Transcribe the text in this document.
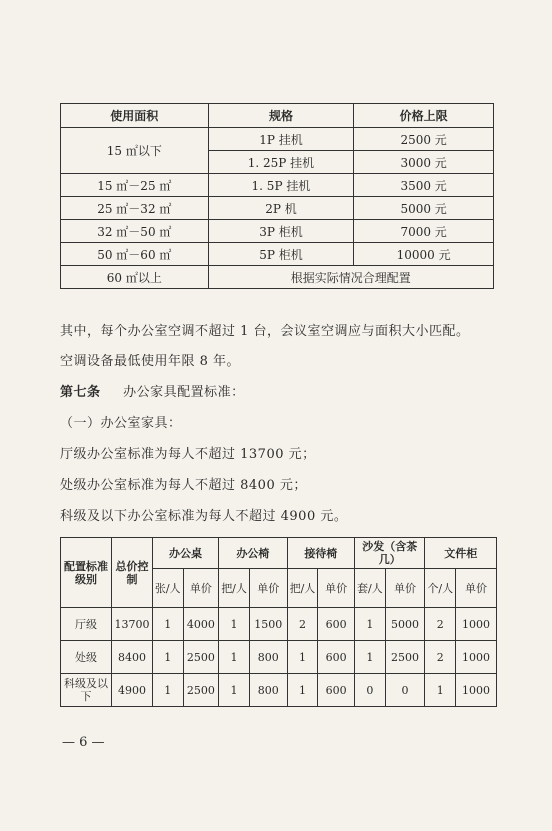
使用面积	规格	价格上限
15 ㎡以下	1P 挂机	2500 元
	1. 25P 挂机	3000 元
15 ㎡－25 ㎡	1. 5P 挂机	3500 元
25 ㎡－32 ㎡	2P 机	5000 元
32 ㎡－50 ㎡	3P 柜机	7000 元
50 ㎡－60 ㎡	5P 柜机	10000 元
60 ㎡以上	根据实际情况合理配置	
其中，每个办公室空调不超过 1 台，会议室空调应与面积大小匹配。
空调设备最低使用年限 8 年。
第七条 办公家具配置标准：
（一）办公室家具：
厅级办公室标准为每人不超过 13700 元；
处级办公室标准为每人不超过 8400 元；
科级及以下办公室标准为每人不超过 4900 元。
配置标准级别	总价控制	办公桌		办公椅		接待椅		沙发（含茶几）		文件柜	
		张/人	单价	把/人	单价	把/人	单价	套/人	单价	个/人	单价
厅级	13700	1	4000	1	1500	2	600	1	5000	2	1000
处级	8400	1	2500	1	800	1	600	1	2500	2	1000
科级及以下	4900	1	2500	1	800	1	600	0	0	1	1000
— 6 —
